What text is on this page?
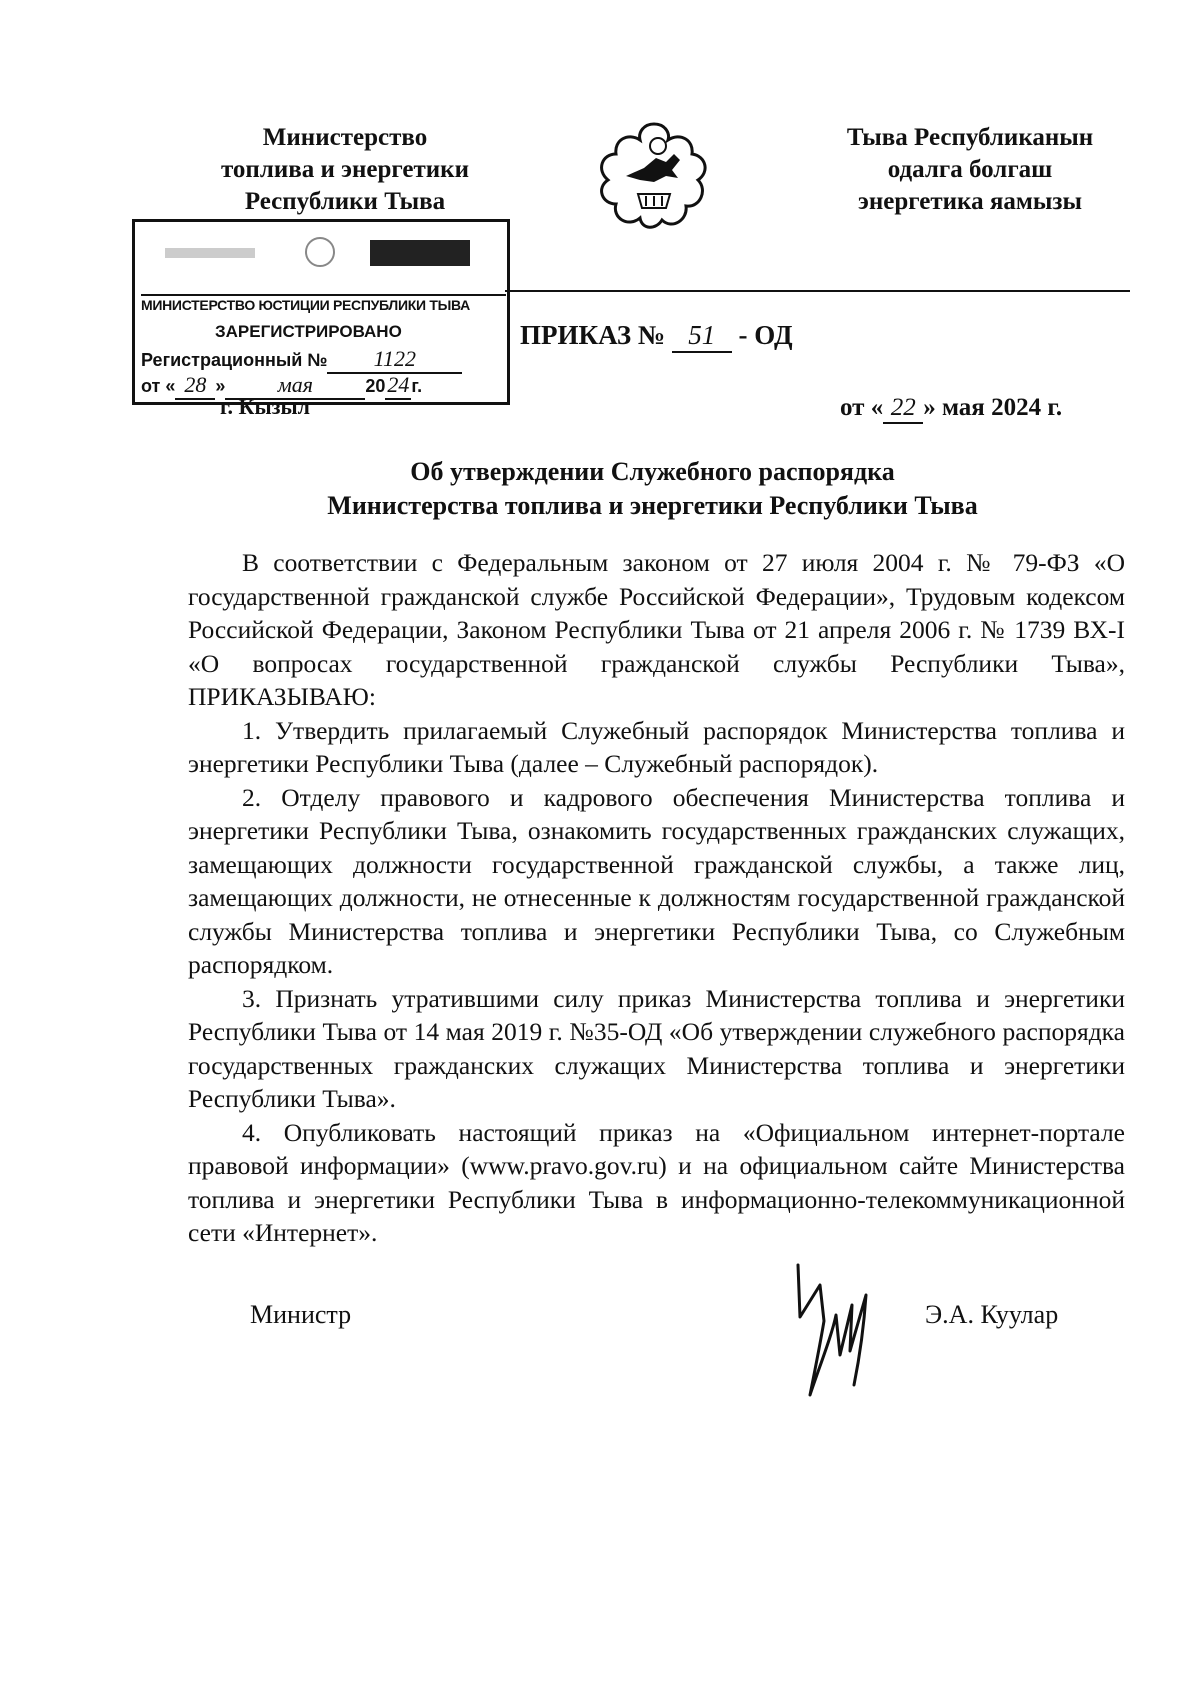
Министерство
топлива и энергетики
Республики Тыва
Тыва Республиканын
одалга болгаш
энергетика яамызы
МИНИСТЕРСТВО ЮСТИЦИИ РЕСПУБЛИКИ ТЫВА
ЗАРЕГИСТРИРОВАНО
Регистрационный № 1122
от « 28 » мая	2024 г.
г. Кызыл
ПРИКАЗ № 51 - ОД
от « 22 » мая 2024 г.
Об утверждении Служебного распорядка
Министерства топлива и энергетики Республики Тыва

В соответствии с Федеральным законом от 27 июля 2004 г. № 79-ФЗ «О государственной гражданской службе Российской Федерации», Трудовым кодексом Российской Федерации, Законом Республики Тыва от 21 апреля 2006 г. № 1739 ВХ-I «О вопросах государственной гражданской службы Республики Тыва», ПРИКАЗЫВАЮ:

1. Утвердить прилагаемый Служебный распорядок Министерства топлива и энергетики Республики Тыва (далее – Служебный распорядок).

2. Отделу правового и кадрового обеспечения Министерства топлива и энергетики Республики Тыва, ознакомить государственных гражданских служащих, замещающих должности государственной гражданской службы, а также лиц, замещающих должности, не отнесенные к должностям государственной гражданской службы Министерства топлива и энергетики Республики Тыва, со Служебным распорядком.

3. Признать утратившими силу приказ Министерства топлива и энергетики Республики Тыва от 14 мая 2019 г. №35-ОД «Об утверждении служебного распорядка государственных гражданских служащих Министерства топлива и энергетики Республики Тыва».

4. Опубликовать настоящий приказ на «Официальном интернет-портале правовой информации» (www.pravo.gov.ru) и на официальном сайте Министерства топлива и энергетики Республики Тыва в информационно-телекоммуникационной сети «Интернет».

Министр	Э.А. Куулар
